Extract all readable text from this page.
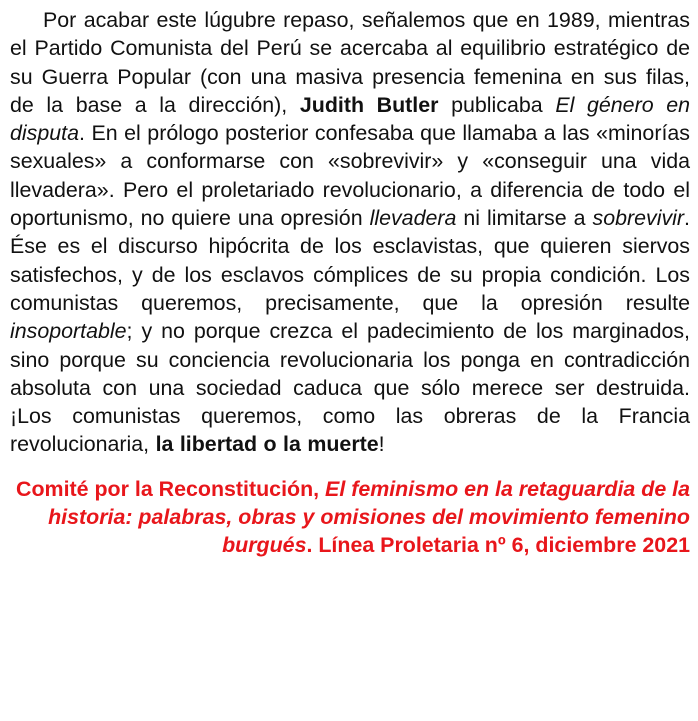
Por acabar este lúgubre repaso, señalemos que en 1989, mientras el Partido Comunista del Perú se acercaba al equilibrio estratégico de su Guerra Popular (con una masiva presencia femenina en sus filas, de la base a la dirección), Judith Butler publicaba El género en disputa. En el prólogo posterior confesaba que llamaba a las «minorías sexuales» a conformarse con «sobrevivir» y «conseguir una vida llevadera». Pero el proletariado revolucionario, a diferencia de todo el oportunismo, no quiere una opresión llevadera ni limitarse a sobrevivir. Ése es el discurso hipócrita de los esclavistas, que quieren siervos satisfechos, y de los esclavos cómplices de su propia condición. Los comunistas queremos, precisamente, que la opresión resulte insoportable; y no porque crezca el padecimiento de los marginados, sino porque su conciencia revolucionaria los ponga en contradicción absoluta con una sociedad caduca que sólo merece ser destruida. ¡Los comunistas queremos, como las obreras de la Francia revolucionaria, la libertad o la muerte!

Comité por la Reconstitución, El feminismo en la retaguardia de la historia: palabras, obras y omisiones del movimiento femenino burgués. Línea Proletaria nº 6, diciembre 2021
